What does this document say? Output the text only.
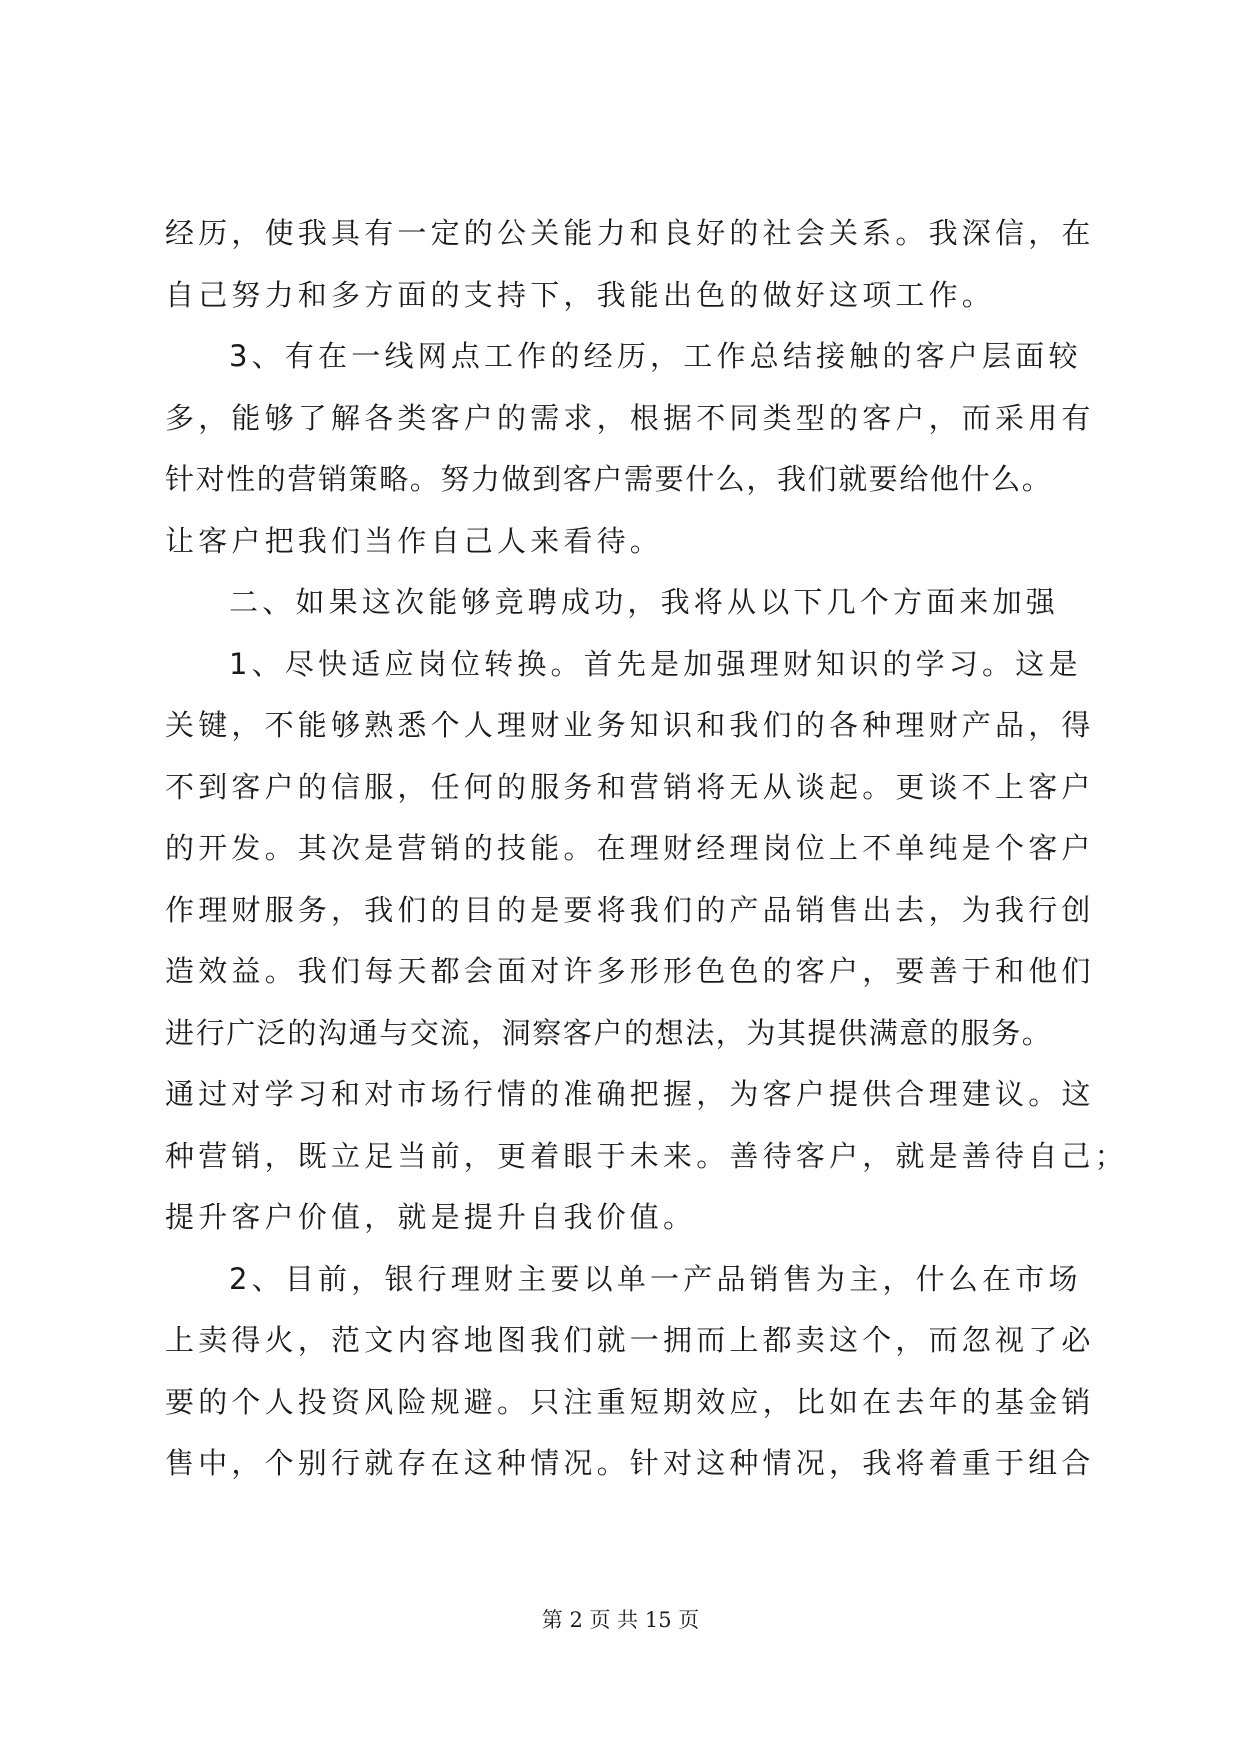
经历，使我具有一定的公关能力和良好的社会关系。我深信，在
自己努力和多方面的支持下，我能出色的做好这项工作。
3、有在一线网点工作的经历，工作总结接触的客户层面较
多，能够了解各类客户的需求，根据不同类型的客户，而采用有
针对性的营销策略。努力做到客户需要什么，我们就要给他什么。
让客户把我们当作自己人来看待。
二、如果这次能够竞聘成功，我将从以下几个方面来加强
1、尽快适应岗位转换。首先是加强理财知识的学习。这是
关键，不能够熟悉个人理财业务知识和我们的各种理财产品，得
不到客户的信服，任何的服务和营销将无从谈起。更谈不上客户
的开发。其次是营销的技能。在理财经理岗位上不单纯是个客户
作理财服务，我们的目的是要将我们的产品销售出去，为我行创
造效益。我们每天都会面对许多形形色色的客户，要善于和他们
进行广泛的沟通与交流，洞察客户的想法，为其提供满意的服务。
通过对学习和对市场行情的准确把握，为客户提供合理建议。这
种营销，既立足当前，更着眼于未来。善待客户，就是善待自己；
提升客户价值，就是提升自我价值。
2、目前，银行理财主要以单一产品销售为主，什么在市场
上卖得火，范文内容地图我们就一拥而上都卖这个，而忽视了必
要的个人投资风险规避。只注重短期效应，比如在去年的基金销
售中，个别行就存在这种情况。针对这种情况，我将着重于组合
第 2 页 共 15 页
